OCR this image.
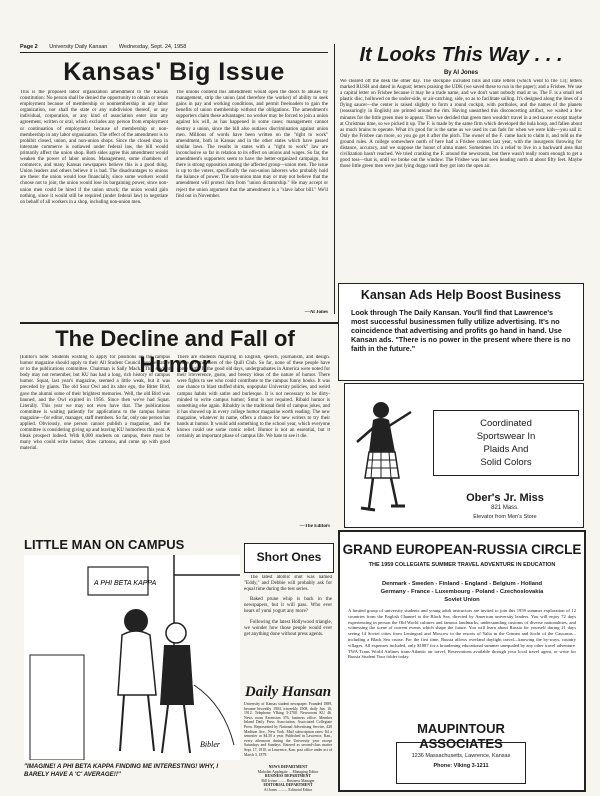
Page 2 University Daily Kansan Wednesday, Sept. 24, 1958
Kansas' Big Issue
This is the proposed labor organization amendment to the Kansas constitution: No person shall be denied the opportunity to obtain or retain employment because of membership or nonmembership in any labor organization, nor shall the state or any subdivision thereof, or any individual, corporation, or any kind of association enter into any agreement, written or oral, which excludes any person from employment or continuation of employment because of membership or non-membership in any labor organization. The effect of the amendment is to prohibit closed, union, and non-union shops. Since the closed shop in interstate commerce is outlawed under federal law, the bill would primarily affect the union shop. Both sides agree this amendment would weaken the power of labor unions. Management, some chambers of commerce, and many Kansas newspapers believe this is a good thing. Union leaders and others believe it is bad. The disadvantages to unions are these: the union would lose financially, since some workers would choose not to join; the union would lose its bargaining power, since non-union men could be hired if the union struck; the union would gain nothing, since it would still be required (under federal law) to negotiate on behalf of all workers in a shop, including non-union men.
The unions contend this amendment would open the doors to abuses by management, strip the union (and therefore the worker) of ability to seek gains in pay and working conditions, and permit freeloaders to gain the benefits of union membership without the obligations. The amendment's supporters claim these advantages: no worker may be forced to join a union against his will, as has happened in some cases; management cannot destroy a union, since the bill also outlaws discrimination against union men. Millions of words have been written on the "right to work" amendment, both in Kansas and in the other states which have passed similar laws. The results in states with a "right to work" law are inconclusive so far in relation to its effect on unions and wages. So far, the amendment's supporters seem to have the better-organized campaign, but there is strong opposition among the affected group—union men. The issue is up to the voters, specifically the non-union laborers who probably hold the balance of power. The non-union man may or may not believe that the amendment will protect him from "union dictatorship." He may accept or reject the union argument that the amendment is a "slave labor bill." We'll find out in November.
—Al Jones
It Looks This Way . . .
By Al Jones
We cleared off the desk the other day. The stockpile included bills and irate letters (which went to file 13); letters marked RUSH and dated in August; letters praising the UDK (we saved these to run in the paper); and a Frisbee. We use a capital letter on Frisbee because it may be a trade name, and we don't want nobody mad at us. The F. is a small red plastic disc, hollowed on the under-side, or air-catching, side, so as to facilitate sailing. It's designed along the lines of a flying saucer—the center is raised slightly to form a round cockpit, with portholes, and the names of the planets (reassuringly in English) are printed around the rim. Having unearthed this disconcerting artifact, we waited a few minutes for the little green men to appear. Then we decided that green men wouldn't travel in a red saucer except maybe at Christmas time, so we picked it up. The F. is made by the same firm which developed the hula hoop, and fallen about as much brains to operate. What it's good for is the same as we used its can fads for when we were kids—you sail it. Only the Frisbee can more, so you go get it after the pitch. The owner of the F. came back to claim it, and told us the ground rules. A college somewhere north of here had a Frisbee contest last year, with the insurgents throwing for distance, accuracy, and we suppose the honor of alma mater. Sometimes it's a relief to live in a backward area that civilization hasn't reached. We tried cranking the F. around the newsroom, but there wasn't really room enough to get a good toss—that is, until we broke out the window. The Frisbee was last seen heading north at about fifty feet. Maybe those little green men were just lying doggo until they got into the open air.
The Decline and Fall of Humor
(Editor's note: Students wishing to apply for positions on the campus humor magazine should apply to their All Student Council representative or to the publications committee. Chairman is Sally Mack.) This student body may not remember, but KU has had a long, rich history of campus humor. Squat, last year's magazine, seemed a little weak, but it was preceded by giants. The old Sour Owl and its alter ego, the Bitter Bird, gave the alumni some of their brightest memories. Well, the old Bird was banned, and the Owl expired in 1956. Since then we've had Squat. Literally. This year we may not even have that. The publications committee is waiting patiently for applications to the campus humor magazine—for editor, manager, staff members. So far, only one person has applied. Obviously, one person cannot publish a magazine, and the committee is considering giving up and leaving KU humorless this year. A bleak prospect indeed. With 8,000 students on campus, there must be many who could write humor, draw cartoons, and come up with good material.
There are students majoring in English, speech, journalism, and design. There are members of the Quill Club. So far, none of these people have come forth. In the good old days, undergraduates in America were noted for their irreverence, gusto, and breezy ideas of the nature of humor. There were fights to see who could contribute to the campus funny books. It was one chance to blast stuffed shirts, unpopular University policies, and weird campus habits with satire and burlesque. It is not necessary to be dirty-minded to write campus humor; Smut is not required. Ribald humor is something else again. Ribaldry is the traditional field of campus jokes, and it has showed up in every college humor magazine worth reading. The new magazine, whatever its name, offers a chance for new writers to try their hands at humor. It would add something to the school year, which everyone knows could use some comic relief. Humor is not an essential, but it certainly an important phase of campus life. We hate to see it die.
—The Editors
Kansan Ads Help Boost Business
Look through The Daily Kansan. You'll find that Lawrence's most successful businessmen fully utilize advertising. It's no coincidence that advertising and profits go hand in hand. Use Kansan ads. "There is no power in the present where there is no faith in the future."
Coordinated
Sportswear In
Plaids And
Solid Colors
Ober's Jr. Miss
821 Mass.
Elevator from Men's Store
LITTLE MAN ON CAMPUS
A PHI BETA KAPPA
Bibler
"IMAGINE! A PHI BETA KAPPA FINDING ME INTERESTING! WHY, I BARELY HAVE A 'C' AVERAGE!!"
Short Ones

The latest atomic shot was named "Eddy," and Debbie will probably ask for equal time during the test series.

Baked prune whip is back in the newspapers, but it will pass. Who ever hears of yumi yogurt any more?

Following the latest Hollywood triangle, we wonder how those people would ever get anything done without press agents.

Daily Hansan
University of Kansas student newspaper. Founded 1889, became biweekly 1904, triweekly 1908, daily Jan. 16, 1912. Telephone VIking 3-2700. Newsroom KU 46. News room Extension 376, business office. Member Inland Daily Press Association, Associated Collegiate Press. Represented by National Advertising Service, 420 Madison Ave., New York. Mail subscription rates: $4 a semester or $4.50 a year. Published in Lawrence, Kan., every afternoon during the University year except Saturdays and Sundays. Entered as second-class matter Sept. 17, 1910, at Lawrence, Kan. post office under act of March 3, 1879.
NEWS DEPARTMENT
Malcolm Applegate ... Managing Editor
BUSINESS DEPARTMENT
Bill Irvine ........ Business Manager
EDITORIAL DEPARTMENT
Al Jones .......... Editorial Editor
GRAND EUROPEAN-RUSSIA CIRCLE
THE 1959 COLLEGIATE SUMMER TRAVEL ADVENTURE IN EDUCATION
Denmark - Sweden - Finland - England - Belgium - Holland
Germany - France - Luxembourg - Poland - Czechoslovakia
Soviet Union
A limited group of university students and young adult instructors are invited to join this 1959 summer exploration of 12 countries from the English Channel to the Black Sea, directed by American university leaders. You will enjoy 72 days experiencing in person the Old World cultures and famous landmarks, understanding customs of diverse nationalities, and witnessing the scene of current events which shape the future. You will learn about Russia for yourself during 21 days seeing 14 Soviet cities from Leningrad and Moscow to the resorts of Yalta in the Crimea and Sochi of the Caucasus... including a Black Sea cruise. For the first time, Russia allows overland daylight travel—knowing the by-ways, country villages. All expenses included, only $1887 for a broadening educational summer unequaled by any other travel adventure. TWA Trans World Airlines trans-Atlantic air travel. Reservations available through your local travel agent, or write for Russia Student Tour folder today.
MAUPINTOUR ASSOCIATES
1236 Massachusetts, Lawrence, Kansas
Phone: VIking 3-1211
